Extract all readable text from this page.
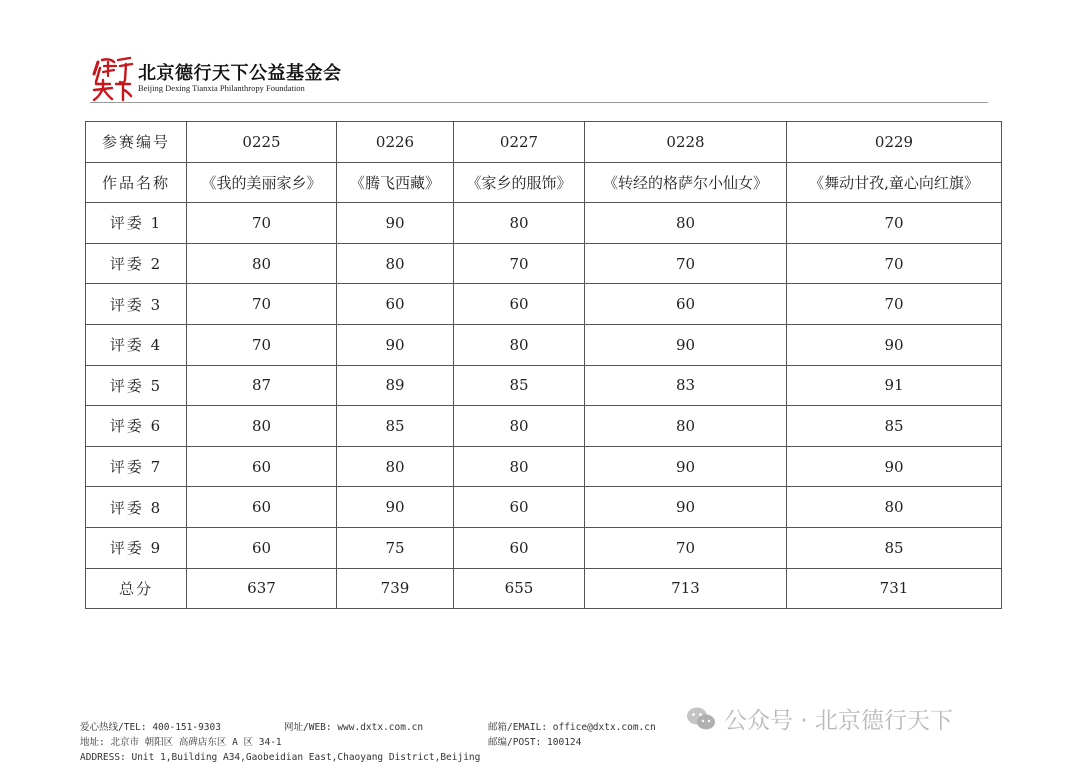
北京德行天下公益基金会
Beijing Dexing Tianxia Philanthropy Foundation
参赛编号	0225	0226	0227	0228	0229
作品名称	《我的美丽家乡》	《腾飞西藏》	《家乡的服饰》	《转经的格萨尔小仙女》	《舞动甘孜,童心向红旗》
评委 1	70	90	80	80	70
评委 2	80	80	70	70	70
评委 3	70	60	60	60	70
评委 4	70	90	80	90	90
评委 5	87	89	85	83	91
评委 6	80	85	80	80	85
评委 7	60	80	80	90	90
评委 8	60	90	60	90	80
评委 9	60	75	60	70	85
总分	637	739	655	713	731
爱心热线/TEL: 400-151-9303	网址/WEB: www.dxtx.com.cn	邮箱/EMAIL: office@dxtx.com.cn
地址: 北京市 朝阳区 高碑店东区 A 区 34-1	邮编/POST: 100124
ADDRESS: Unit 1,Building A34,Gaobeidian East,Chaoyang District,Beijing
公众号 · 北京德行天下
